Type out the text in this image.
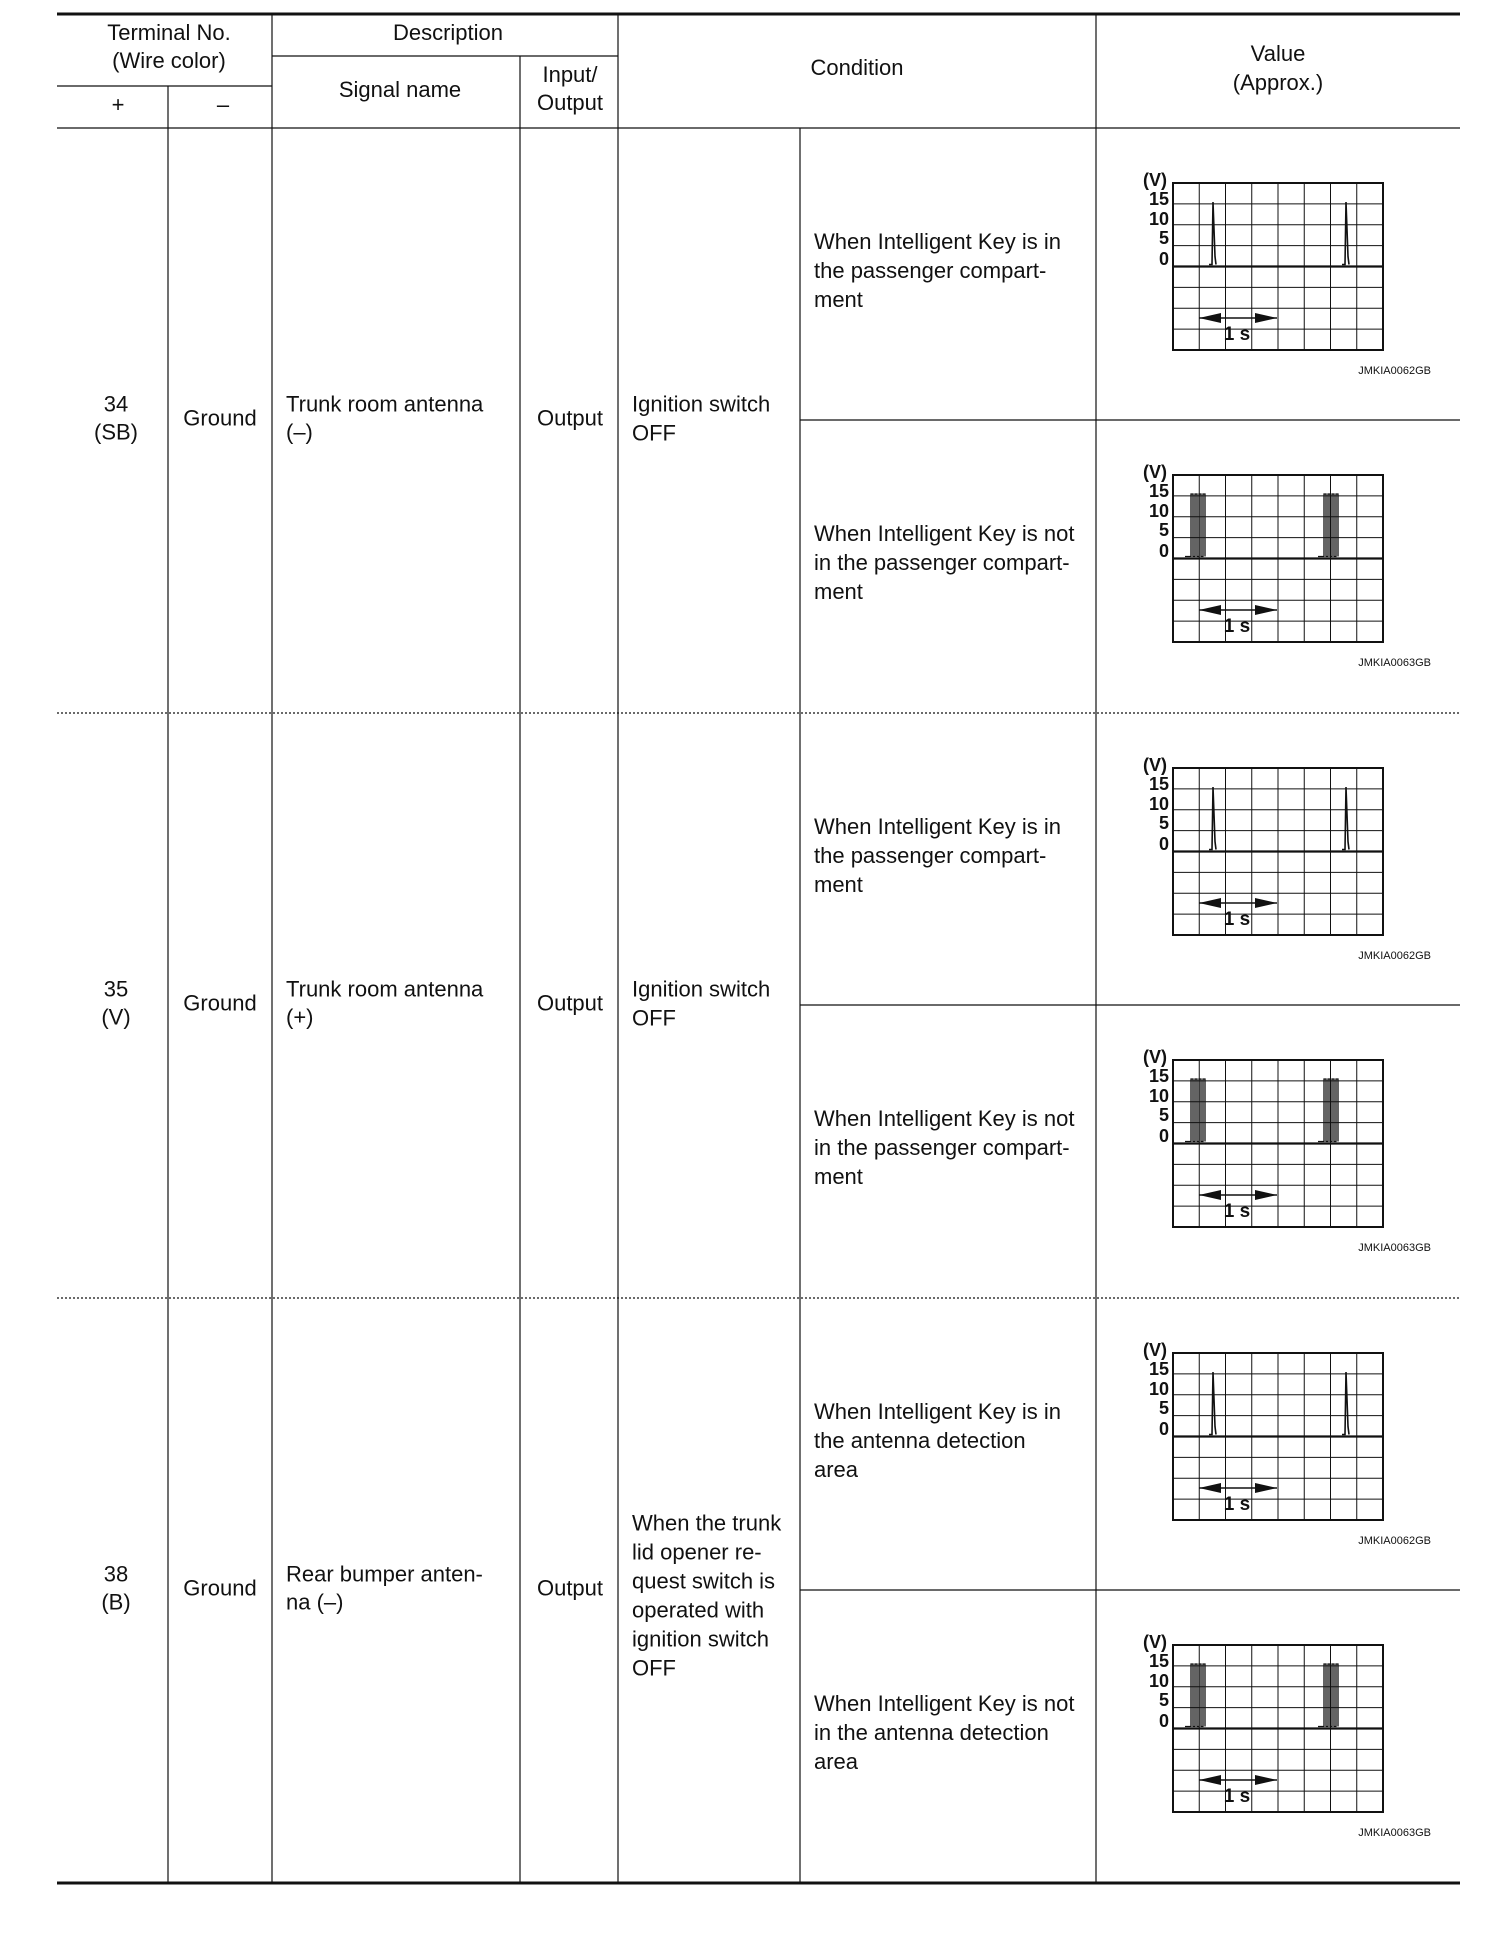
Terminal No.
(Wire color)
+	–
Description
Signal name
Input/
Output
Condition
Value
(Approx.)
34
(SB)
Ground
Trunk room antenna
(–)
Output
Ignition switch
OFF
When Intelligent Key is in
the passenger compart-
ment
(V)
15
10
5
0
1 s
JMKIA0062GB
When Intelligent Key is not
in the passenger compart-
ment
(V)
15
10
5
0
1 s
JMKIA0063GB
35
(V)
Ground
Trunk room antenna
(+)
Output
Ignition switch
OFF
When Intelligent Key is in
the passenger compart-
ment
(V)
15
10
5
0
1 s
JMKIA0062GB
When Intelligent Key is not
in the passenger compart-
ment
(V)
15
10
5
0
1 s
JMKIA0063GB
38
(B)
Ground
Rear bumper anten-
na (–)
Output
When the trunk
lid opener re-
quest switch is
operated with
ignition switch
OFF
When Intelligent Key is in
the antenna detection
area
(V)
15
10
5
0
1 s
JMKIA0062GB
When Intelligent Key is not
in the antenna detection
area
(V)
15
10
5
0
1 s
JMKIA0063GB
